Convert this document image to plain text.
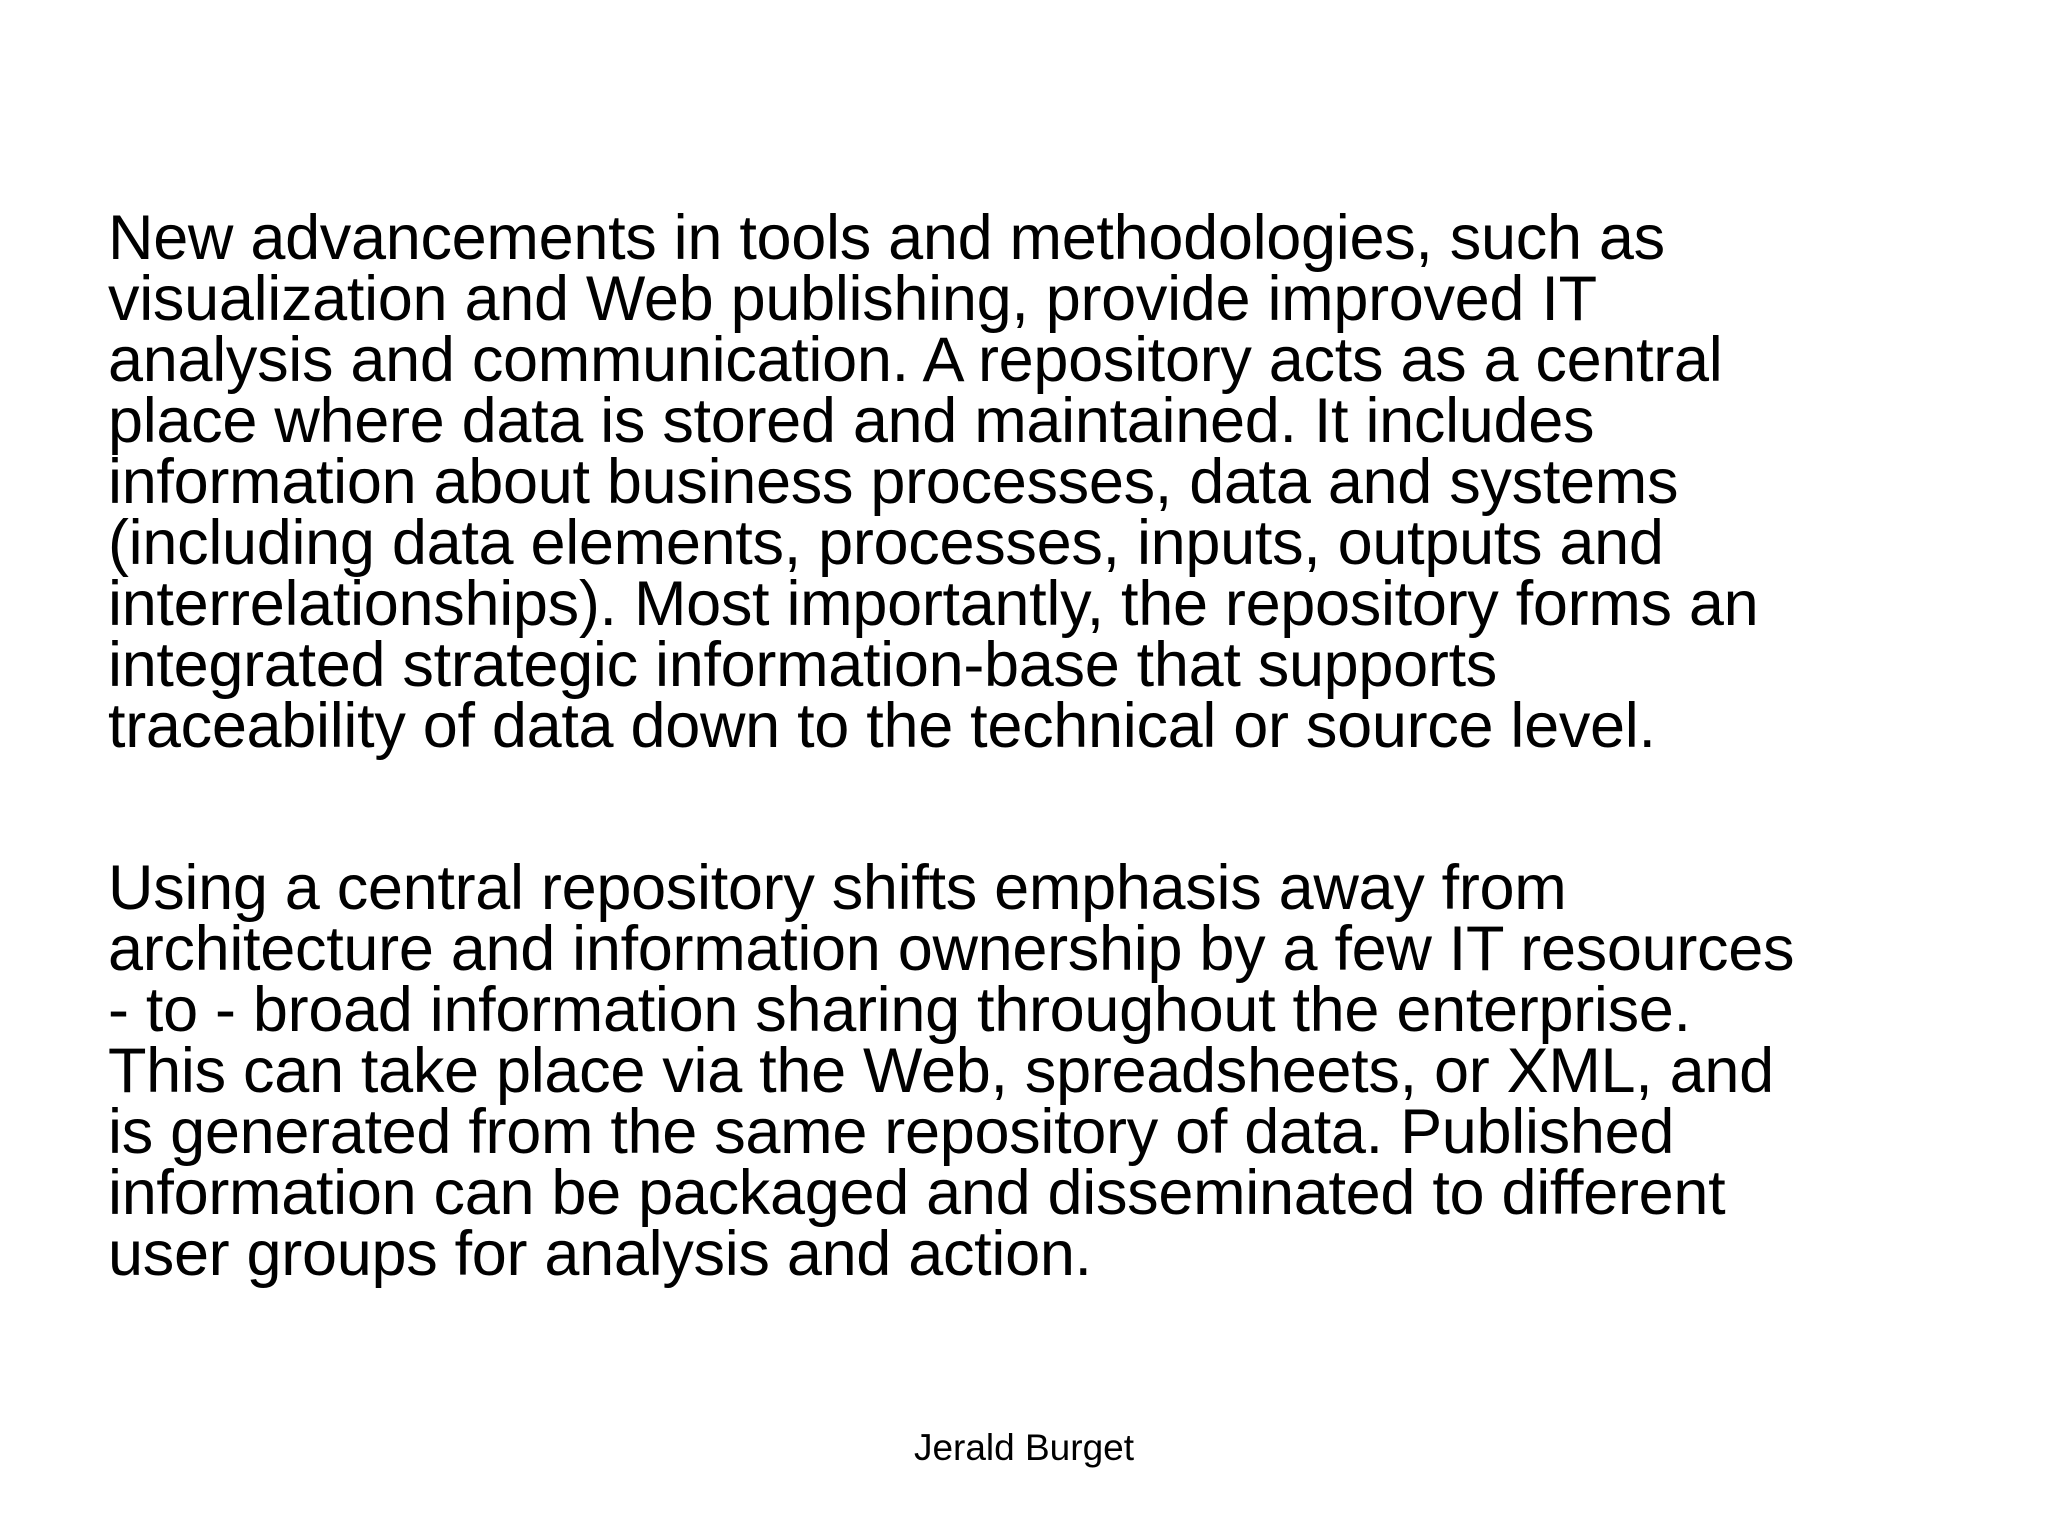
New advancements in tools and methodologies, such as
visualization and Web publishing, provide improved IT
analysis and communication. A repository acts as a central
place where data is stored and maintained. It includes
information about business processes, data and systems
(including data elements, processes, inputs, outputs and
interrelationships). Most importantly, the repository forms an
integrated strategic information-base that supports
traceability of data down to the technical or source level.

Using a central repository shifts emphasis away from
architecture and information ownership by a few IT resources
- to - broad information sharing throughout the enterprise.
This can take place via the Web, spreadsheets, or XML, and
is generated from the same repository of data. Published
information can be packaged and disseminated to different
user groups for analysis and action.

Jerald Burget
